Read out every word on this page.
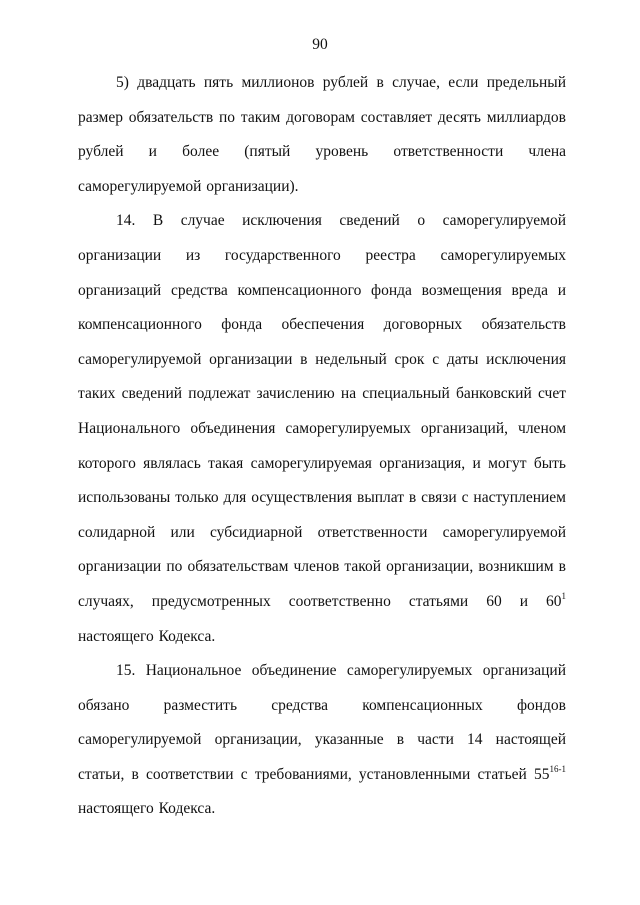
90

5) двадцать пять миллионов рублей в случае, если предельный размер обязательств по таким договорам составляет десять миллиардов рублей и более (пятый уровень ответственности члена саморегулируемой организации).

14. В случае исключения сведений о саморегулируемой организации из государственного реестра саморегулируемых организаций средства компенсационного фонда возмещения вреда и компенсационного фонда обеспечения договорных обязательств саморегулируемой организации в недельный срок с даты исключения таких сведений подлежат зачислению на специальный банковский счет Национального объединения саморегулируемых организаций, членом которого являлась такая саморегулируемая организация, и могут быть использованы только для осуществления выплат в связи с наступлением солидарной или субсидиарной ответственности саморегулируемой организации по обязательствам членов такой организации, возникшим в случаях, предусмотренных соответственно статьями 60 и $60^1$ настоящего Кодекса.

15. Национальное объединение саморегулируемых организаций обязано разместить средства компенсационных фондов саморегулируемой организации, указанные в части 14 настоящей статьи, в соответствии с требованиями, установленными статьей 55$^{16-1}$ настоящего Кодекса.
